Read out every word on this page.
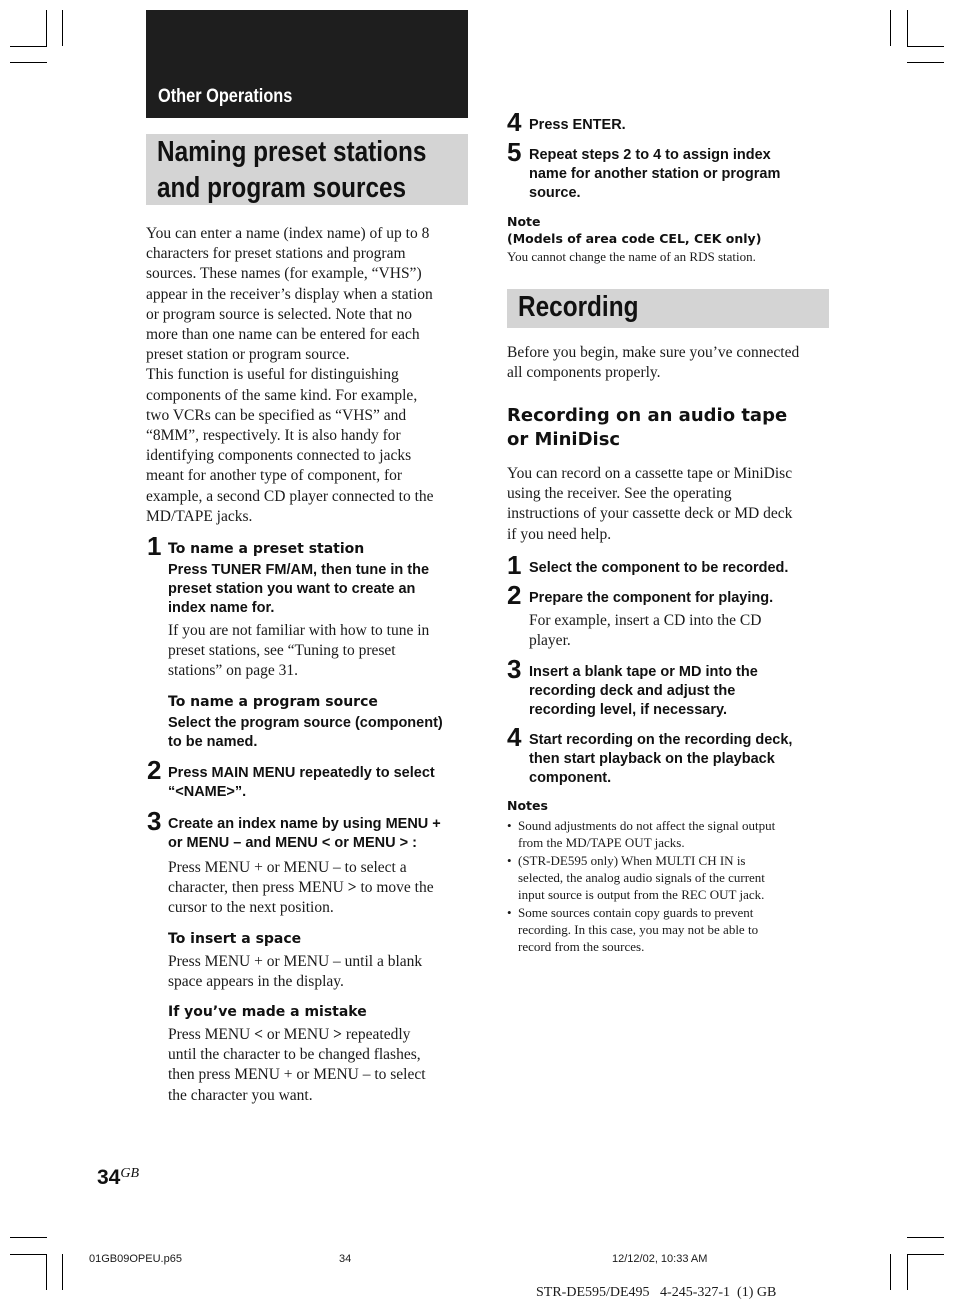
Other Operations
Naming preset stations
and program sources
You can enter a name (index name) of up to 8
characters for preset stations and program
sources. These names (for example, “VHS”)
appear in the receiver’s display when a station
or program source is selected. Note that no
more than one name can be entered for each
preset station or program source.
This function is useful for distinguishing
components of the same kind. For example,
two VCRs can be specified as “VHS” and
“8MM”, respectively. It is also handy for
identifying components connected to jacks
meant for another type of component, for
example, a second CD player connected to the
MD/TAPE jacks.
1 To name a preset station
Press TUNER FM/AM, then tune in the
preset station you want to create an
index name for.
If you are not familiar with how to tune in
preset stations, see “Tuning to preset
stations” on page 31.
To name a program source
Select the program source (component)
to be named.
2 Press MAIN MENU repeatedly to select
“<NAME>”.
3 Create an index name by using MENU +
or MENU – and MENU < or MENU > :
Press MENU + or MENU – to select a
character, then press MENU > to move the
cursor to the next position.
To insert a space
Press MENU + or MENU – until a blank
space appears in the display.
If you’ve made a mistake
Press MENU < or MENU > repeatedly
until the character to be changed flashes,
then press MENU + or MENU – to select
the character you want.
4 Press ENTER.
5 Repeat steps 2 to 4 to assign index
name for another station or program
source.
Note
(Models of area code CEL, CEK only)
You cannot change the name of an RDS station.
Recording
Before you begin, make sure you’ve connected
all components properly.
Recording on an audio tape
or MiniDisc
You can record on a cassette tape or MiniDisc
using the receiver. See the operating
instructions of your cassette deck or MD deck
if you need help.
1 Select the component to be recorded.
2 Prepare the component for playing.
For example, insert a CD into the CD
player.
3 Insert a blank tape or MD into the
recording deck and adjust the
recording level, if necessary.
4 Start recording on the recording deck,
then start playback on the playback
component.
Notes
• Sound adjustments do not affect the signal output
from the MD/TAPE OUT jacks.
• (STR-DE595 only) When MULTI CH IN is
selected, the analog audio signals of the current
input source is output from the REC OUT jack.
• Some sources contain copy guards to prevent
recording. In this case, you may not be able to
record from the sources.
$34^{GB}$
01GB09OPEU.p65	34	12/12/02, 10:33 AM
STR-DE595/DE495   4-245-327-1  (1) GB
